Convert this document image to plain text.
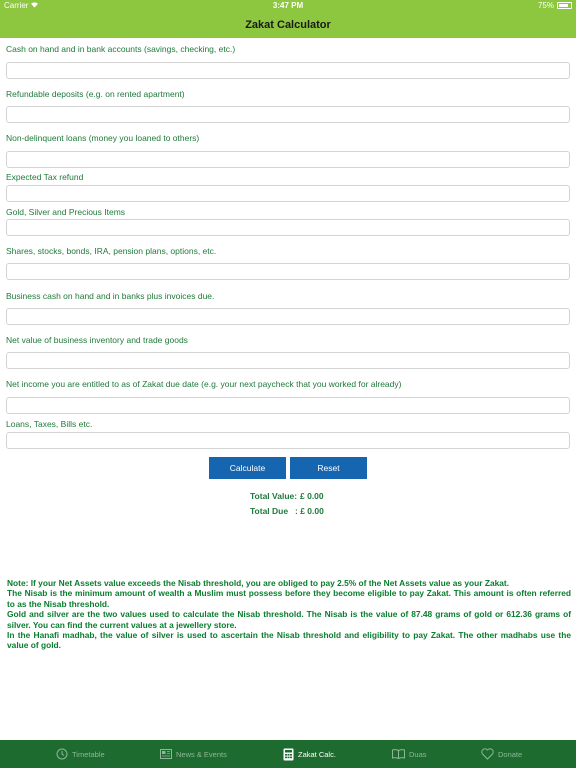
Carrier	3:47 PM	75%
Zakat Calculator
Cash on hand and in bank accounts (savings, checking, etc.)
Refundable deposits (e.g. on rented apartment)
Non-delinquent loans (money you loaned to others)
Expected Tax refund
Gold, Silver and Precious Items
Shares, stocks, bonds, IRA, pension plans, options, etc.
Business cash on hand and in banks plus invoices due.
Net value of business inventory and trade goods
Net income you are entitled to as of Zakat due date (e.g. your next paycheck that you worked for already)
Loans, Taxes, Bills etc.
Calculate	Reset
Total Value: £ 0.00
Total Due : £ 0.00

Note: If your Net Assets value exceeds the Nisab threshold, you are obliged to pay 2.5% of the Net Assets value as your Zakat.

The Nisab is the minimum amount of wealth a Muslim must possess before they become eligible to pay Zakat. This amount is often referred to as the Nisab threshold.

Gold and silver are the two values used to calculate the Nisab threshold. The Nisab is the value of 87.48 grams of gold or 612.36 grams of silver. You can find the current values at a jewellery store.

In the Hanafi madhab, the value of silver is used to ascertain the Nisab threshold and eligibility to pay Zakat. The other madhabs use the value of gold.

Timetable	News & Events	Zakat Calc.	Duas	Donate
